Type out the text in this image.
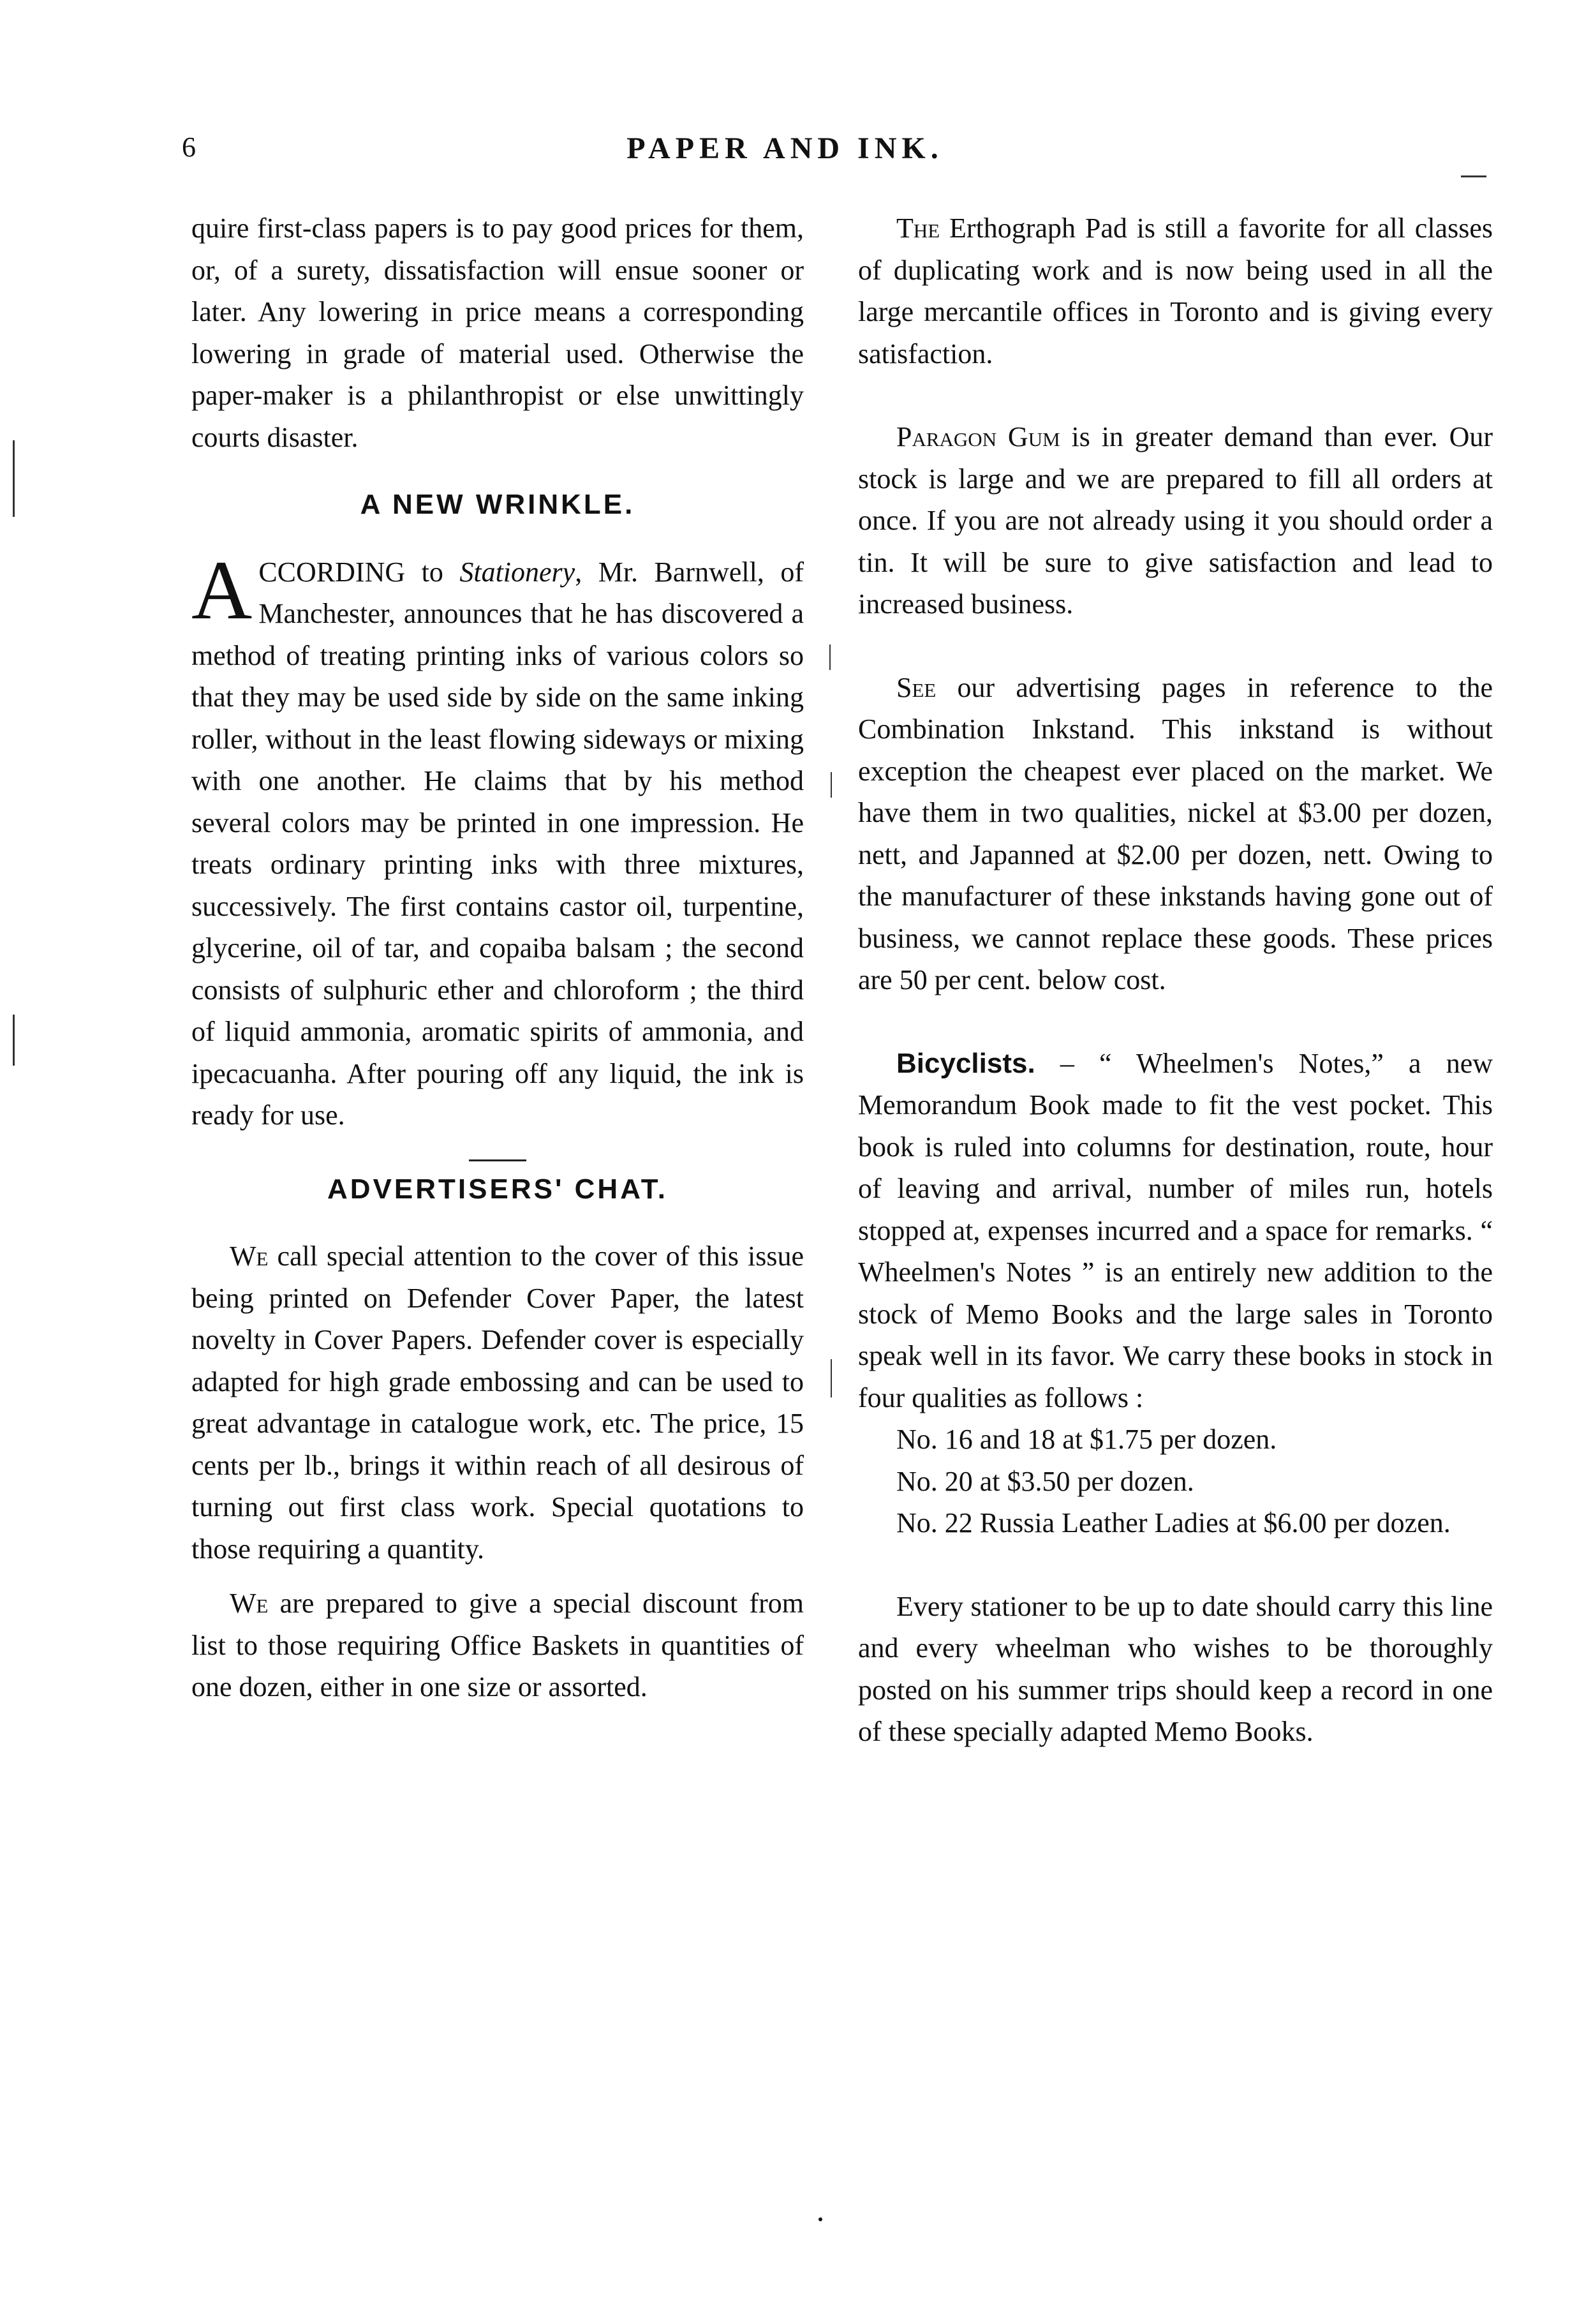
6	PAPER AND INK.

quire first-class papers is to pay good prices for them, or, of a surety, dissatisfaction will ensue sooner or later. Any lowering in price means a corresponding lowering in grade of material used. Otherwise the paper-maker is a philanthropist or else unwittingly courts disaster.

A NEW WRINKLE.

ACCORDING to Stationery, Mr. Barnwell, of Manchester, announces that he has discovered a method of treating printing inks of various colors so that they may be used side by side on the same inking roller, without in the least flowing sideways or mixing with one another. He claims that by his method several colors may be printed in one impression. He treats ordinary printing inks with three mixtures, successively. The first contains castor oil, turpentine, glycerine, oil of tar, and copaiba balsam ; the second consists of sulphuric ether and chloroform ; the third of liquid ammonia, aromatic spirits of ammonia, and ipecacuanha. After pouring off any liquid, the ink is ready for use.

ADVERTISERS' CHAT.

We call special attention to the cover of this issue being printed on Defender Cover Paper, the latest novelty in Cover Papers. Defender cover is especially adapted for high grade embossing and can be used to great advantage in catalogue work, etc. The price, 15 cents per lb., brings it within reach of all desirous of turning out first class work. Special quotations to those requiring a quantity.

We are prepared to give a special discount from list to those requiring Office Baskets in quantities of one dozen, either in one size or assorted.

The Erthograph Pad is still a favorite for all classes of duplicating work and is now being used in all the large mercantile offices in Toronto and is giving every satisfaction.

Paragon Gum is in greater demand than ever. Our stock is large and we are prepared to fill all orders at once. If you are not already using it you should order a tin. It will be sure to give satisfaction and lead to increased business.

See our advertising pages in reference to the Combination Inkstand. This inkstand is without exception the cheapest ever placed on the market. We have them in two qualities, nickel at $3.00 per dozen, nett, and Japanned at $2.00 per dozen, nett. Owing to the manufacturer of these inkstands having gone out of business, we cannot replace these goods. These prices are 50 per cent. below cost.

Bicyclists. – “ Wheelmen's Notes,” a new Memorandum Book made to fit the vest pocket. This book is ruled into columns for destination, route, hour of leaving and arrival, number of miles run, hotels stopped at, expenses incurred and a space for remarks. “ Wheelmen's Notes ” is an entirely new addition to the stock of Memo Books and the large sales in Toronto speak well in its favor. We carry these books in stock in four qualities as follows :

No. 16 and 18 at $1.75 per dozen.

No. 20 at $3.50 per dozen.

No. 22 Russia Leather Ladies at $6.00 per dozen.

Every stationer to be up to date should carry this line and every wheelman who wishes to be thoroughly posted on his summer trips should keep a record in one of these specially adapted Memo Books.
